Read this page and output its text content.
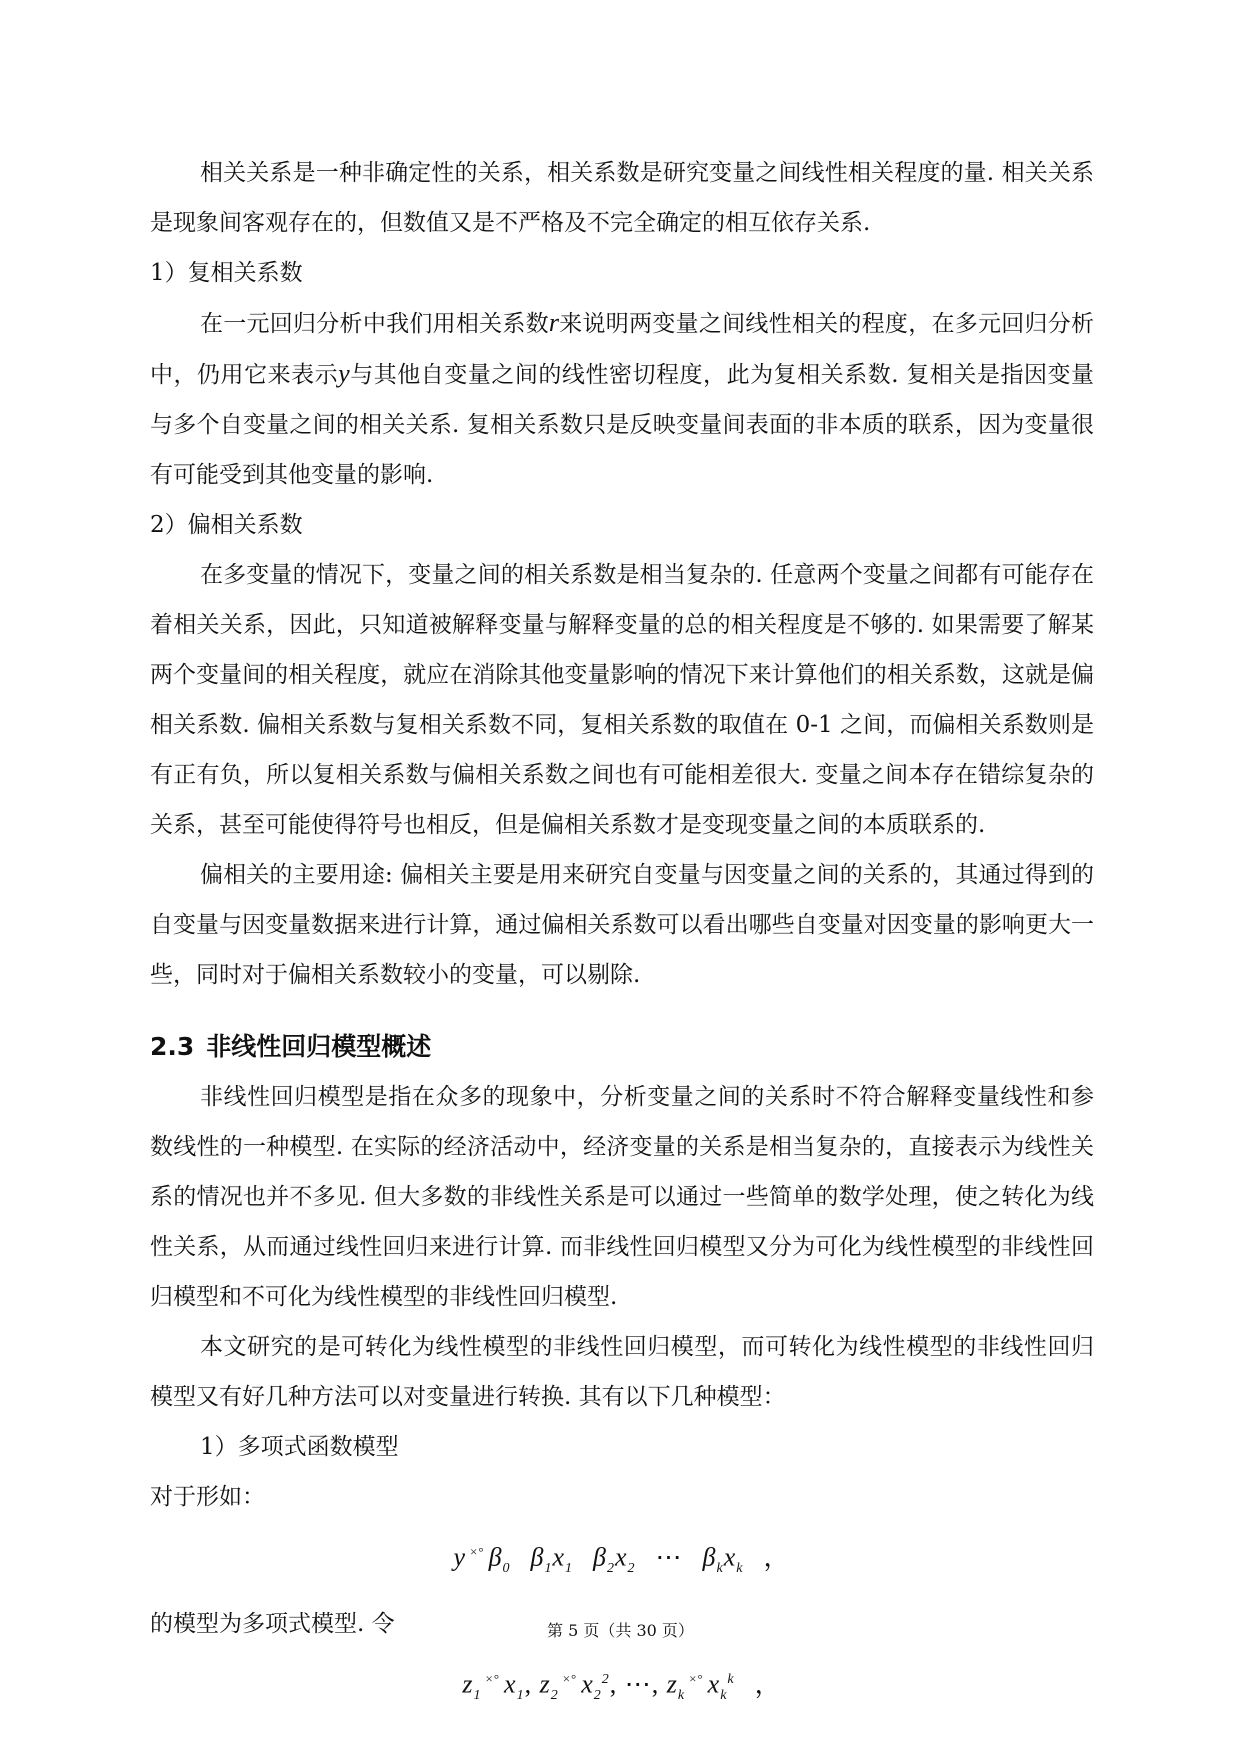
相关关系是一种非确定性的关系，相关系数是研究变量之间线性相关程度的量. 相关关系是现象间客观存在的，但数值又是不严格及不完全确定的相互依存关系.

1）复相关系数

在一元回归分析中我们用相关系数r来说明两变量之间线性相关的程度，在多元回归分析中，仍用它来表示y与其他自变量之间的线性密切程度，此为复相关系数. 复相关是指因变量与多个自变量之间的相关关系. 复相关系数只是反映变量间表面的非本质的联系，因为变量很有可能受到其他变量的影响.

2）偏相关系数

在多变量的情况下，变量之间的相关系数是相当复杂的. 任意两个变量之间都有可能存在着相关关系，因此，只知道被解释变量与解释变量的总的相关程度是不够的. 如果需要了解某两个变量间的相关程度，就应在消除其他变量影响的情况下来计算他们的相关系数，这就是偏相关系数. 偏相关系数与复相关系数不同，复相关系数的取值在 0-1 之间，而偏相关系数则是有正有负，所以复相关系数与偏相关系数之间也有可能相差很大. 变量之间本存在错综复杂的关系，甚至可能使得符号也相反，但是偏相关系数才是变现变量之间的本质联系的.

偏相关的主要用途: 偏相关主要是用来研究自变量与因变量之间的关系的，其通过得到的自变量与因变量数据来进行计算，通过偏相关系数可以看出哪些自变量对因变量的影响更大一些，同时对于偏相关系数较小的变量，可以剔除.

2.3 非线性回归模型概述

非线性回归模型是指在众多的现象中，分析变量之间的关系时不符合解释变量线性和参数线性的一种模型. 在实际的经济活动中，经济变量的关系是相当复杂的，直接表示为线性关系的情况也并不多见. 但大多数的非线性关系是可以通过一些简单的数学处理，使之转化为线性关系，从而通过线性回归来进行计算. 而非线性回归模型又分为可化为线性模型的非线性回归模型和不可化为线性模型的非线性回归模型.

本文研究的是可转化为线性模型的非线性回归模型，而可转化为线性模型的非线性回归模型又有好几种方法可以对变量进行转换. 其有以下几种模型：

1）多项式函数模型

对于形如：

y ×° $\beta_0$ $\beta_1x_1$ $\beta_2x_2$ ⋯ $\beta_kx_k$ ，

的模型为多项式模型. 令

$z_1^{\times^\circ}$ $x_1$, $z_2^{\times^\circ}$ $x_2^2$, ⋯, $z_k^{\times^\circ}$ $x_k^k$ ，

第 5 页（共 30 页）
